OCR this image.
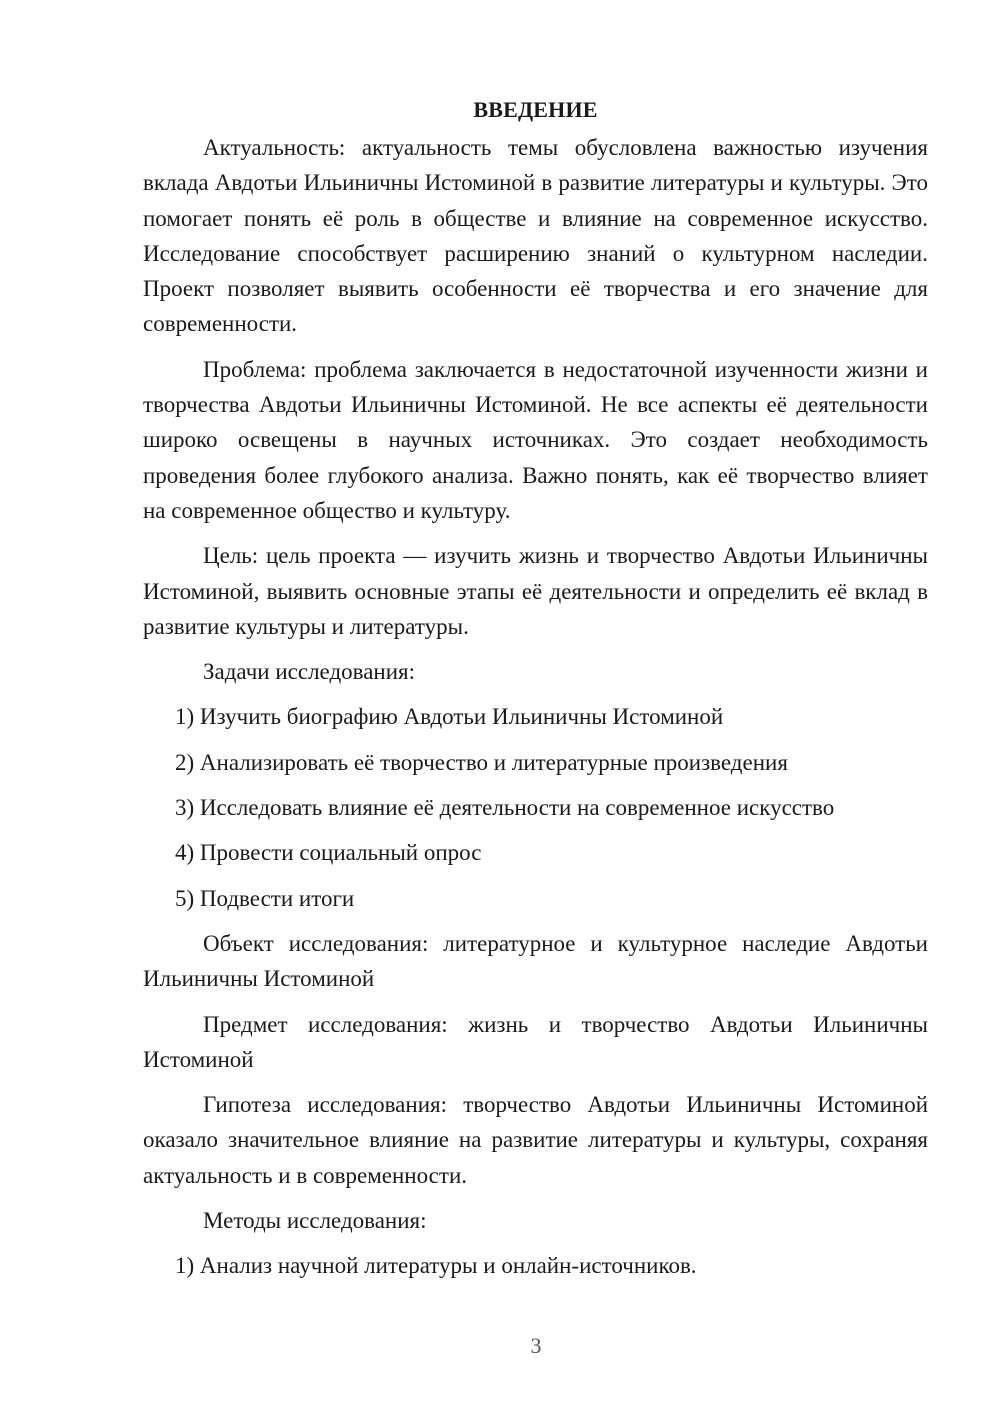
ВВЕДЕНИЕ

Актуальность: актуальность темы обусловлена важностью изучения вклада Авдотьи Ильиничны Истоминой в развитие литературы и культуры. Это помогает понять её роль в обществе и влияние на современное искусство. Исследование способствует расширению знаний о культурном наследии. Проект позволяет выявить особенности её творчества и его значение для современности.

Проблема: проблема заключается в недостаточной изученности жизни и творчества Авдотьи Ильиничны Истоминой. Не все аспекты её деятельности широко освещены в научных источниках. Это создает необходимость проведения более глубокого анализа. Важно понять, как её творчество влияет на современное общество и культуру.

Цель: цель проекта — изучить жизнь и творчество Авдотьи Ильиничны Истоминой, выявить основные этапы её деятельности и определить её вклад в развитие культуры и литературы.

Задачи исследования:
1) Изучить биографию Авдотьи Ильиничны Истоминой
2) Анализировать её творчество и литературные произведения
3) Исследовать влияние её деятельности на современное искусство
4) Провести социальный опрос
5) Подвести итоги

Объект исследования: литературное и культурное наследие Авдотьи Ильиничны Истоминой

Предмет исследования: жизнь и творчество Авдотьи Ильиничны Истоминой

Гипотеза исследования: творчество Авдотьи Ильиничны Истоминой оказало значительное влияние на развитие литературы и культуры, сохраняя актуальность и в современности.

Методы исследования:
1) Анализ научной литературы и онлайн-источников.
3
